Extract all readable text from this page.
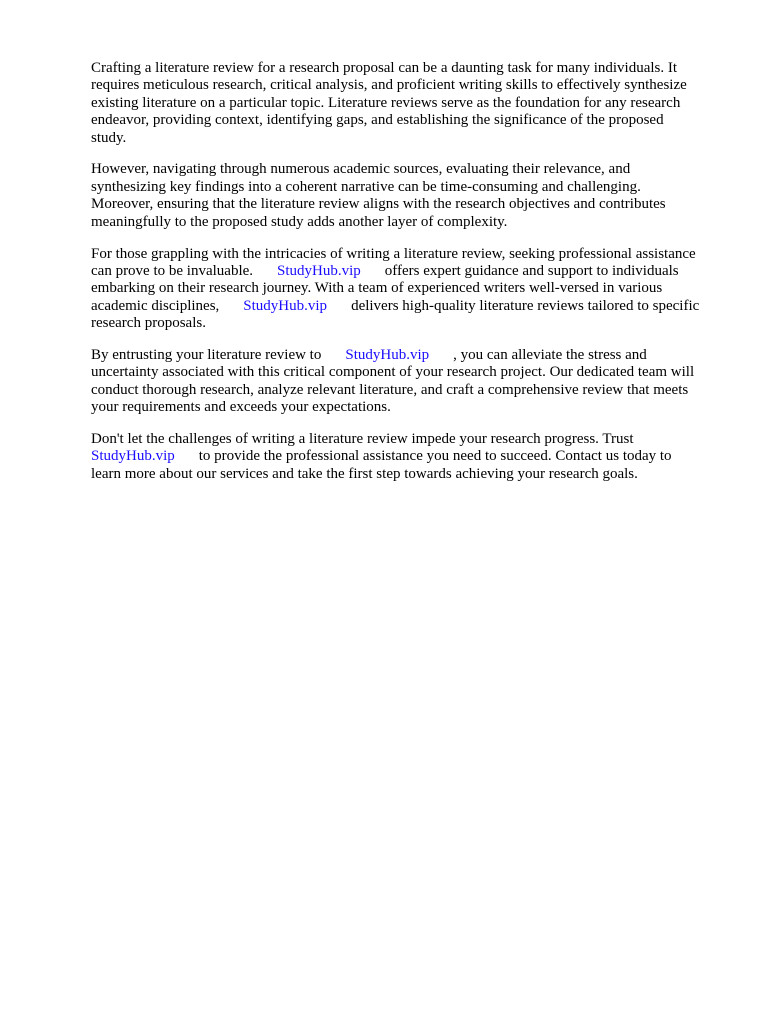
Crafting a literature review for a research proposal can be a daunting task for many individuals. It
requires meticulous research, critical analysis, and proficient writing skills to effectively synthesize
existing literature on a particular topic. Literature reviews serve as the foundation for any research
endeavor, providing context, identifying gaps, and establishing the significance of the proposed
study.

However, navigating through numerous academic sources, evaluating their relevance, and
synthesizing key findings into a coherent narrative can be time-consuming and challenging.
Moreover, ensuring that the literature review aligns with the research objectives and contributes
meaningfully to the proposed study adds another layer of complexity.

For those grappling with the intricacies of writing a literature review, seeking professional assistance
can prove to be invaluable. StudyHub.vip offers expert guidance and support to individuals
embarking on their research journey. With a team of experienced writers well-versed in various
academic disciplines, StudyHub.vip delivers high-quality literature reviews tailored to specific
research proposals.

By entrusting your literature review to StudyHub.vip , you can alleviate the stress and
uncertainty associated with this critical component of your research project. Our dedicated team will
conduct thorough research, analyze relevant literature, and craft a comprehensive review that meets
your requirements and exceeds your expectations.

Don't let the challenges of writing a literature review impede your research progress. Trust
StudyHub.vip to provide the professional assistance you need to succeed. Contact us today to
learn more about our services and take the first step towards achieving your research goals.
